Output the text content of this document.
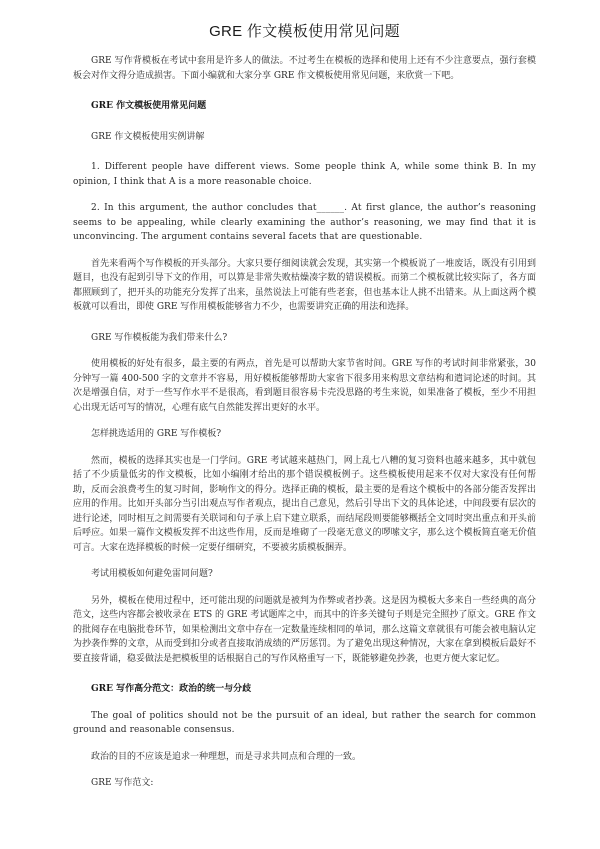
GRE 作文模板使用常见问题

GRE 写作背模板在考试中套用是许多人的做法。不过考生在模板的选择和使用上还有不少注意要点，强行套模板会对作文得分造成损害。下面小编就和大家分享 GRE 作文模板使用常见问题，来欣赏一下吧。

GRE 作文模板使用常见问题

GRE 作文模板使用实例讲解

1. Different people have different views. Some people think A, while some think B. In my opinion, I think that A is a more reasonable choice.

2. In this argument, the author concludes that______. At first glance, the author’s reasoning seems to be appealing, while clearly examining the author’s reasoning, we may find that it is unconvincing. The argument contains several facets that are questionable.

首先来看两个写作模板的开头部分。大家只要仔细阅读就会发现，其实第一个模板说了一堆废话，既没有引用到题目，也没有起到引导下文的作用，可以算是非常失败枯燥凑字数的错误模板。而第二个模板就比较实际了，各方面都照顾到了，把开头的功能充分发挥了出来，虽然说法上可能有些老套，但也基本让人挑不出错来。从上面这两个模板就可以看出，即使 GRE 写作用模板能够省力不少，也需要讲究正确的用法和选择。

GRE 写作模板能为我们带来什么?

使用模板的好处有很多，最主要的有两点，首先是可以帮助大家节省时间。GRE 写作的考试时间非常紧张，30 分钟写一篇 400-500 字的文章并不容易，用好模板能够帮助大家省下很多用来构思文章结构和遣词论述的时间。其次是增强自信，对于一些写作水平不是很高，看到题目很容易卡壳没思路的考生来说，如果准备了模板，至少不用担心出现无话可写的情况，心理有底气自然能发挥出更好的水平。

怎样挑选适用的 GRE 写作模板?

然而，模板的选择其实也是一门学问。GRE 考试越来越热门，网上乱七八糟的复习资料也越来越多，其中就包括了不少质量低劣的作文模板，比如小编刚才给出的那个错误模板例子。这些模板使用起来不仅对大家没有任何帮助，反而会浪费考生的复习时间，影响作文的得分。选择正确的模板，最主要的是看这个模板中的各部分能否发挥出应用的作用。比如开头部分当引出观点写作者观点，提出自己意见，然后引导出下文的具体论述，中间段要有层次的进行论述，同时相互之间需要有关联词和句子承上启下建立联系，而结尾段则要能够概括全文同时突出重点和开头前后呼应。如果一篇作文模板发挥不出这些作用，反而是堆砌了一段毫无意义的啰嗦文字，那么这个模板简直毫无价值可言。大家在选择模板的时候一定要仔细研究，不要被劣质模板捆弄。

考试用模板如何避免雷同问题?

另外，模板在使用过程中，还可能出现的问题就是被判为作弊或者抄袭。这是因为模板大多来自一些经典的高分范文，这些内容都会被收录在 ETS 的 GRE 考试题库之中，而其中的许多关键句子则是完全照抄了原文。GRE 作文的批阅存在电脑批卷环节，如果检测出文章中存在一定数量连续相同的单词，那么这篇文章就很有可能会被电脑认定为抄袭作弊的文章，从而受到扣分或者直接取消成绩的严厉惩罚。为了避免出现这种情况，大家在拿到模板后最好不要直接背诵，稳妥做法是把模板里的话根据自己的写作风格重写一下，既能够避免抄袭，也更方便大家记忆。

GRE 写作高分范文：政治的统一与分歧

The goal of politics should not be the pursuit of an ideal, but rather the search for common ground and reasonable consensus.

政治的目的不应该是追求一种理想，而是寻求共同点和合理的一致。

GRE 写作范文:
